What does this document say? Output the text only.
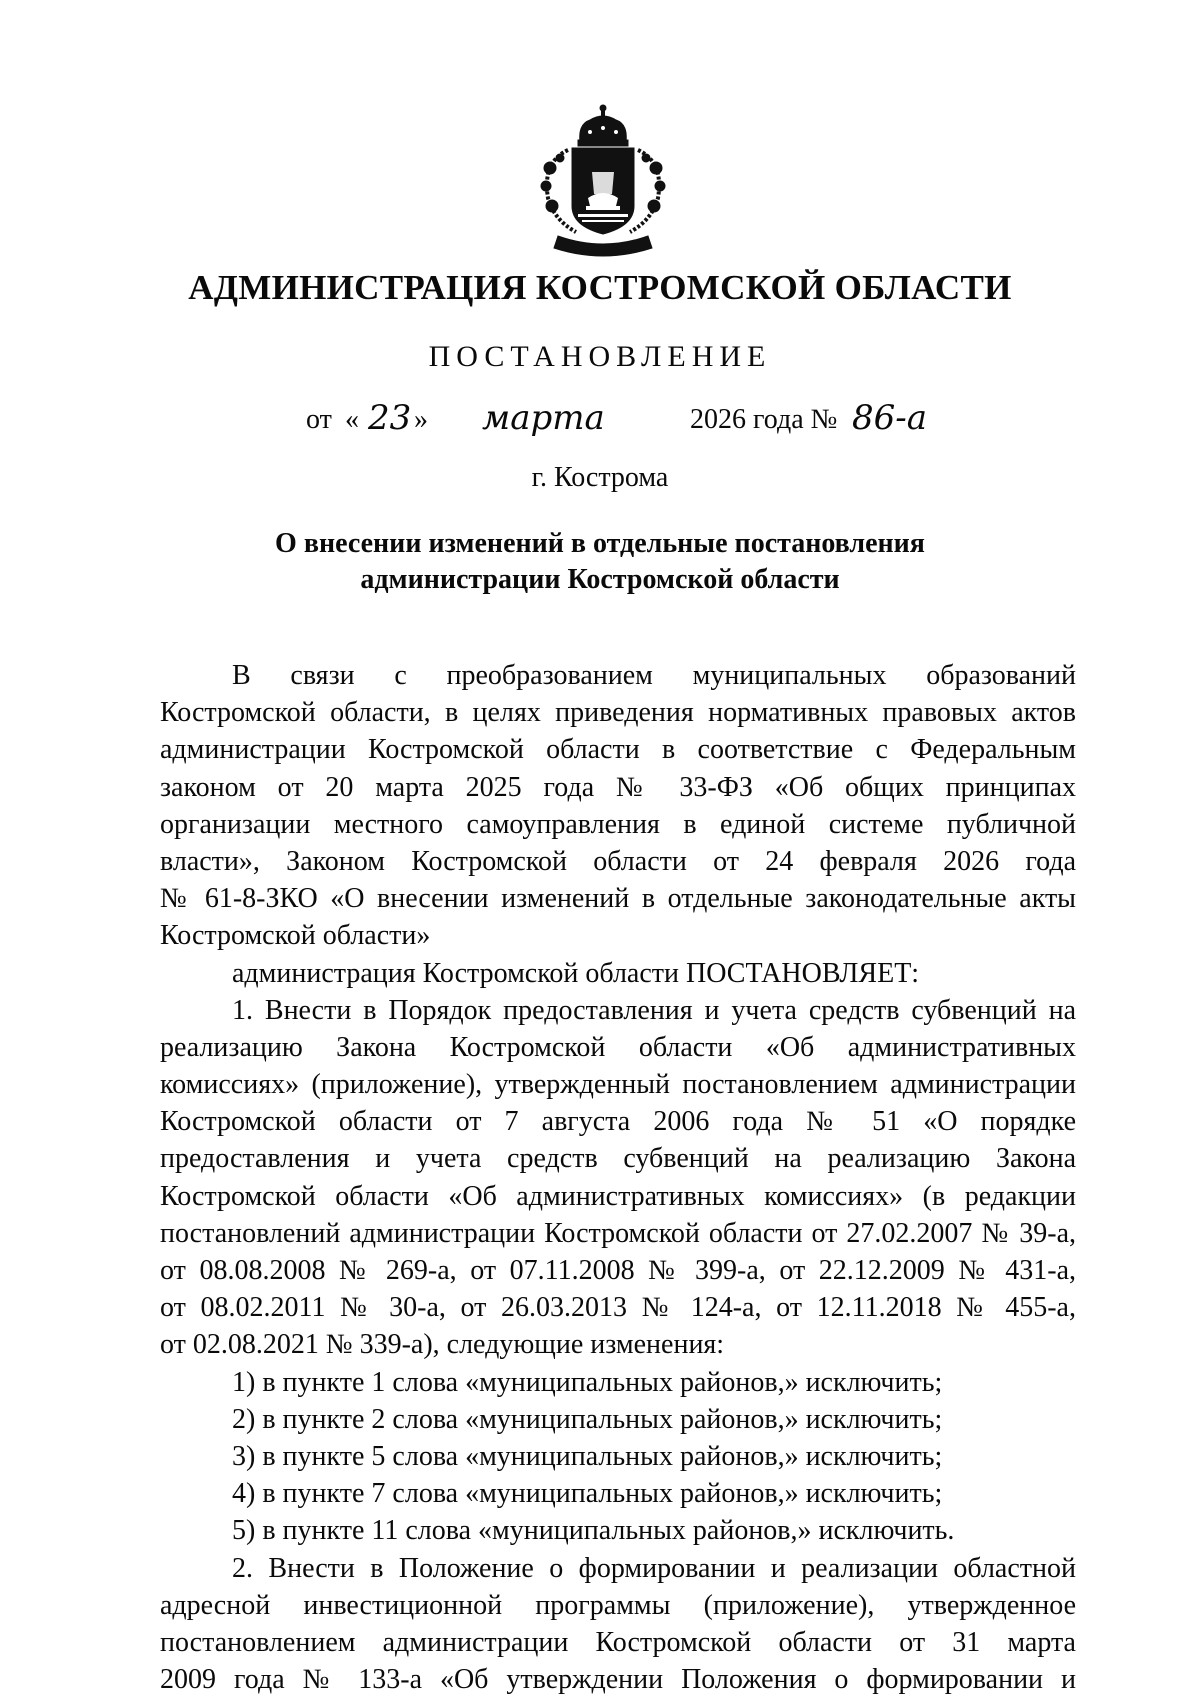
АДМИНИСТРАЦИЯ КОСТРОМСКОЙ ОБЛАСТИ
ПОСТАНОВЛЕНИЕ
от « 23 » марта	2026 года № 86-а
г. Кострома
О внесении изменений в отдельные постановления
администрации Костромской области
В связи с преобразованием муниципальных образований
Костромской области, в целях приведения нормативных правовых актов
администрации Костромской области в соответствие с Федеральным
законом от 20 марта 2025 года № 33-ФЗ «Об общих принципах
организации местного самоуправления в единой системе публичной
власти», Законом Костромской области от 24 февраля 2026 года
№ 61-8-ЗКО «О внесении изменений в отдельные законодательные акты
Костромской области»
администрация Костромской области ПОСТАНОВЛЯЕТ:
1. Внести в Порядок предоставления и учета средств субвенций на
реализацию Закона Костромской области «Об административных
комиссиях» (приложение), утвержденный постановлением администрации
Костромской области от 7 августа 2006 года № 51 «О порядке
предоставления и учета средств субвенций на реализацию Закона
Костромской области «Об административных комиссиях» (в редакции
постановлений администрации Костромской области от 27.02.2007 № 39-а,
от 08.08.2008 № 269-а, от 07.11.2008 № 399-а, от 22.12.2009 № 431-а,
от 08.02.2011 № 30-а, от 26.03.2013 № 124-а, от 12.11.2018 № 455-а,
от 02.08.2021 № 339-а), следующие изменения:
1) в пункте 1 слова «муниципальных районов,» исключить;
2) в пункте 2 слова «муниципальных районов,» исключить;
3) в пункте 5 слова «муниципальных районов,» исключить;
4) в пункте 7 слова «муниципальных районов,» исключить;
5) в пункте 11 слова «муниципальных районов,» исключить.
2. Внести в Положение о формировании и реализации областной
адресной инвестиционной программы (приложение), утвержденное
постановлением администрации Костромской области от 31 марта
2009 года № 133-а «Об утверждении Положения о формировании и
